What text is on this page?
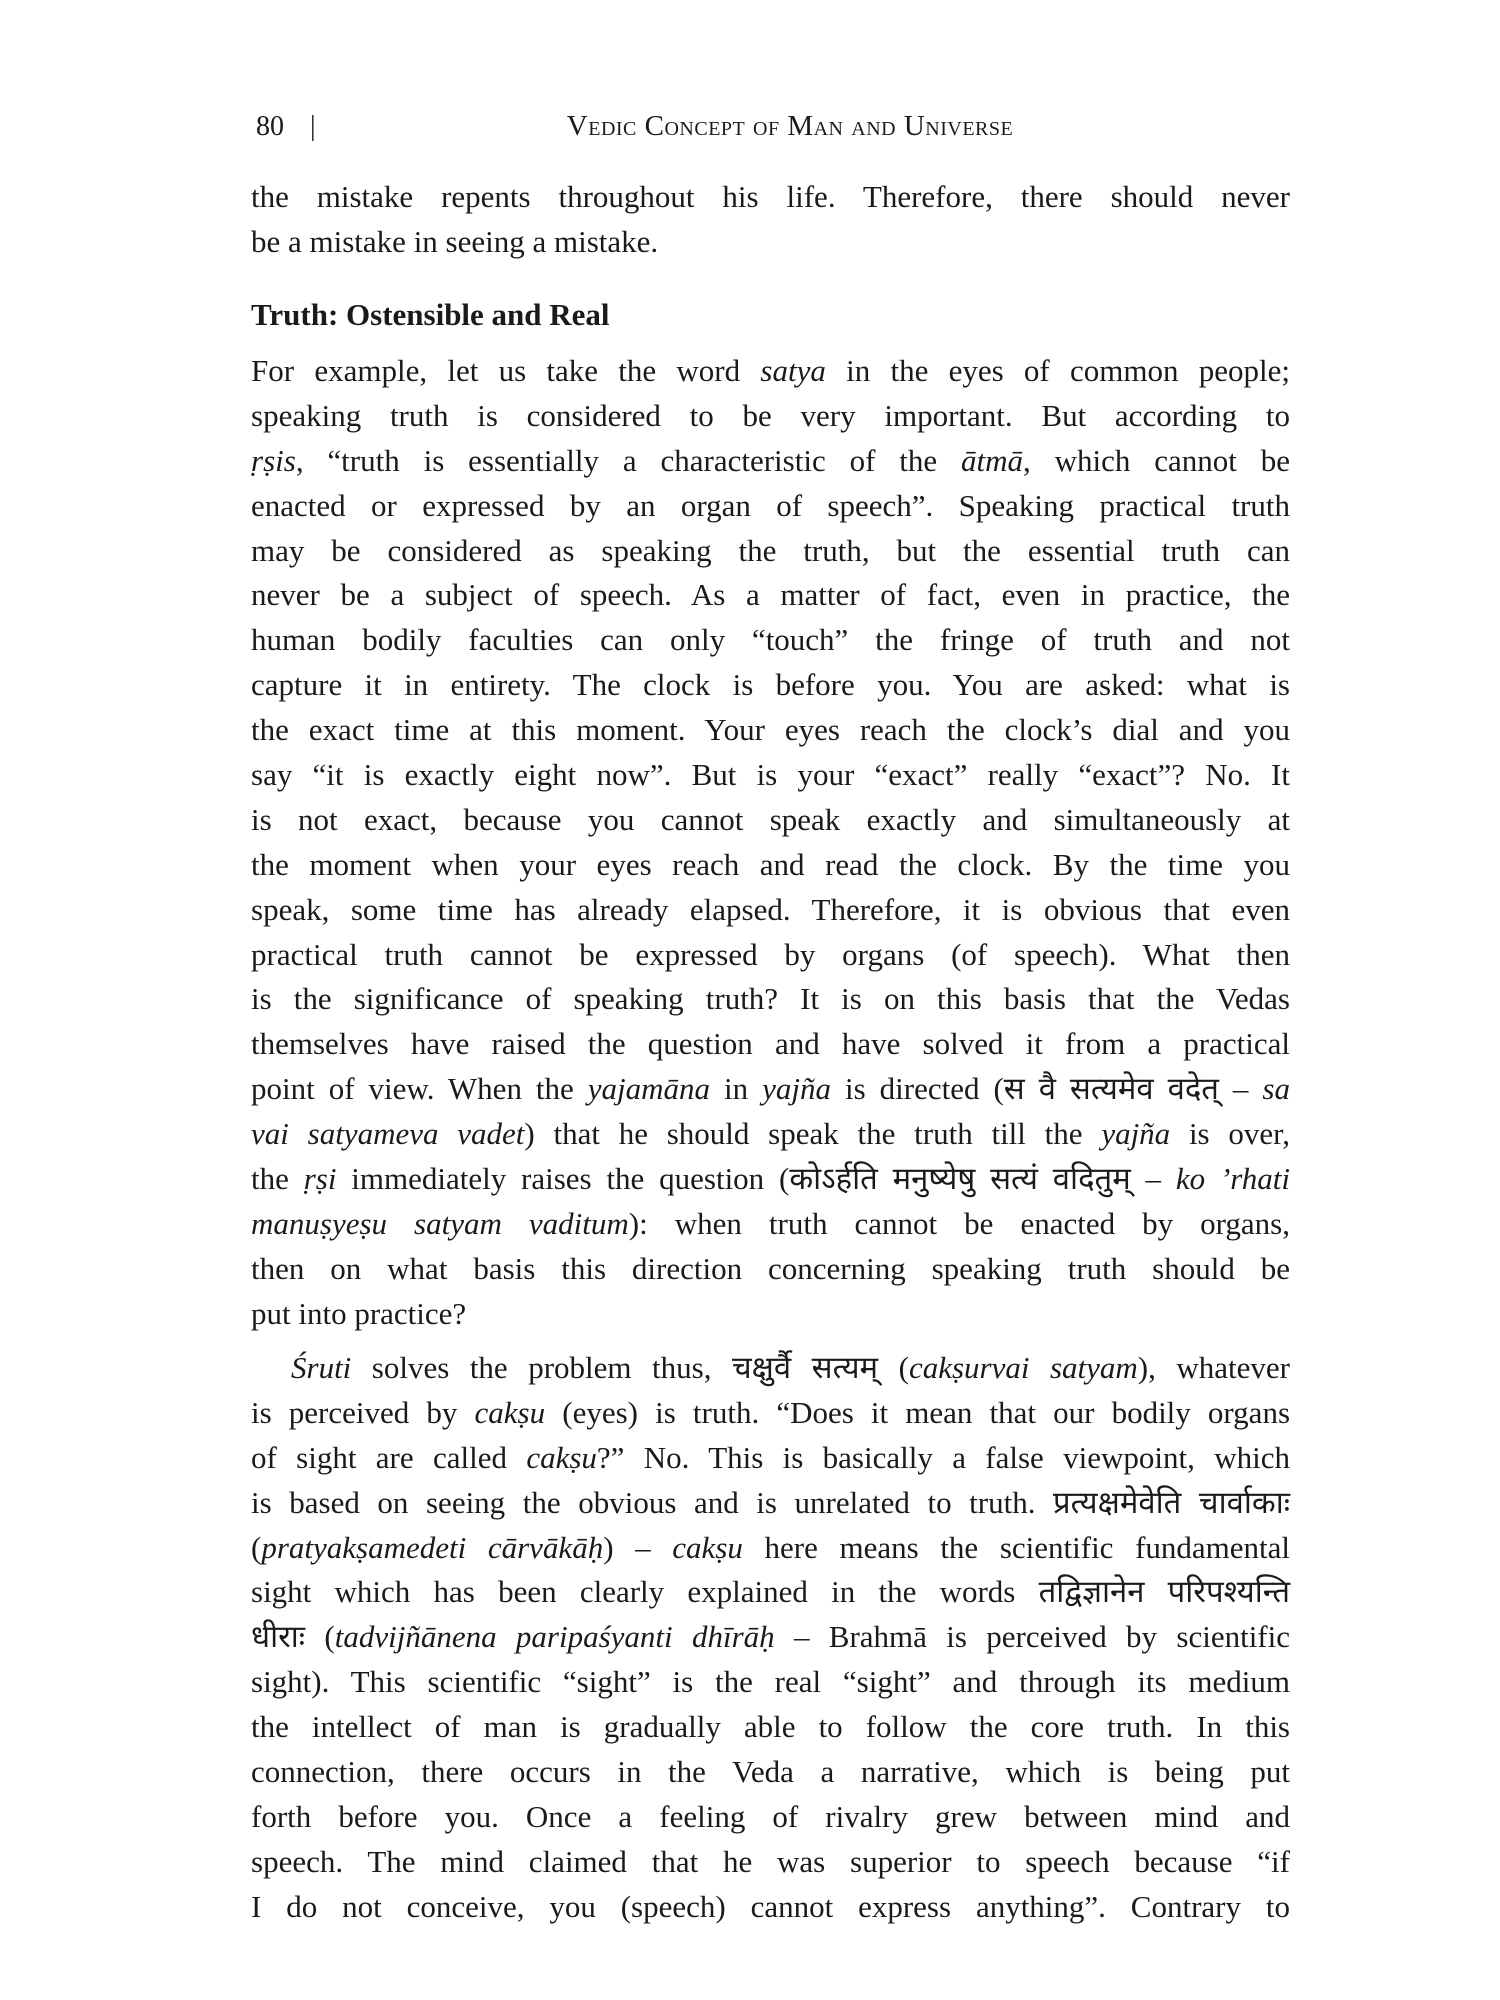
80 |	Vedic Concept of Man and Universe
the mistake repents throughout his life. Therefore, there should never
be a mistake in seeing a mistake.
Truth: Ostensible and Real
For example, let us take the word satya in the eyes of common people;
speaking truth is considered to be very important. But according to
ṛṣis, “truth is essentially a characteristic of the ātmā, which cannot be
enacted or expressed by an organ of speech”. Speaking practical truth
may be considered as speaking the truth, but the essential truth can
never be a subject of speech. As a matter of fact, even in practice, the
human bodily faculties can only “touch” the fringe of truth and not
capture it in entirety. The clock is before you. You are asked: what is
the exact time at this moment. Your eyes reach the clock’s dial and you
say “it is exactly eight now”. But is your “exact” really “exact”? No. It
is not exact, because you cannot speak exactly and simultaneously at
the moment when your eyes reach and read the clock. By the time you
speak, some time has already elapsed. Therefore, it is obvious that even
practical truth cannot be expressed by organs (of speech). What then
is the significance of speaking truth? It is on this basis that the Vedas
themselves have raised the question and have solved it from a practical
point of view. When the yajamāna in yajña is directed (स वै सत्यमेव वदेत् – sa
vai satyameva vadet) that he should speak the truth till the yajña is over,
the ṛṣi immediately raises the question (कोऽर्हति मनुष्येषु सत्यं वदितुम् – ko ’rhati
manuṣyeṣu satyam vaditum): when truth cannot be enacted by organs,
then on what basis this direction concerning speaking truth should be
put into practice?
Śruti solves the problem thus, चक्षुर्वै सत्यम् (cakṣurvai satyam), whatever
is perceived by cakṣu (eyes) is truth. “Does it mean that our bodily organs
of sight are called cakṣu?” No. This is basically a false viewpoint, which
is based on seeing the obvious and is unrelated to truth. प्रत्यक्षमेवेति चार्वाकाः
(pratyakṣamedeti cārvākāḥ) – cakṣu here means the scientific fundamental
sight which has been clearly explained in the words तद्विज्ञानेन परिपश्यन्ति
धीराः (tadvijñānena paripaśyanti dhīrāḥ – Brahmā is perceived by scientific
sight). This scientific “sight” is the real “sight” and through its medium
the intellect of man is gradually able to follow the core truth. In this
connection, there occurs in the Veda a narrative, which is being put
forth before you. Once a feeling of rivalry grew between mind and
speech. The mind claimed that he was superior to speech because “if
I do not conceive, you (speech) cannot express anything”. Contrary to
